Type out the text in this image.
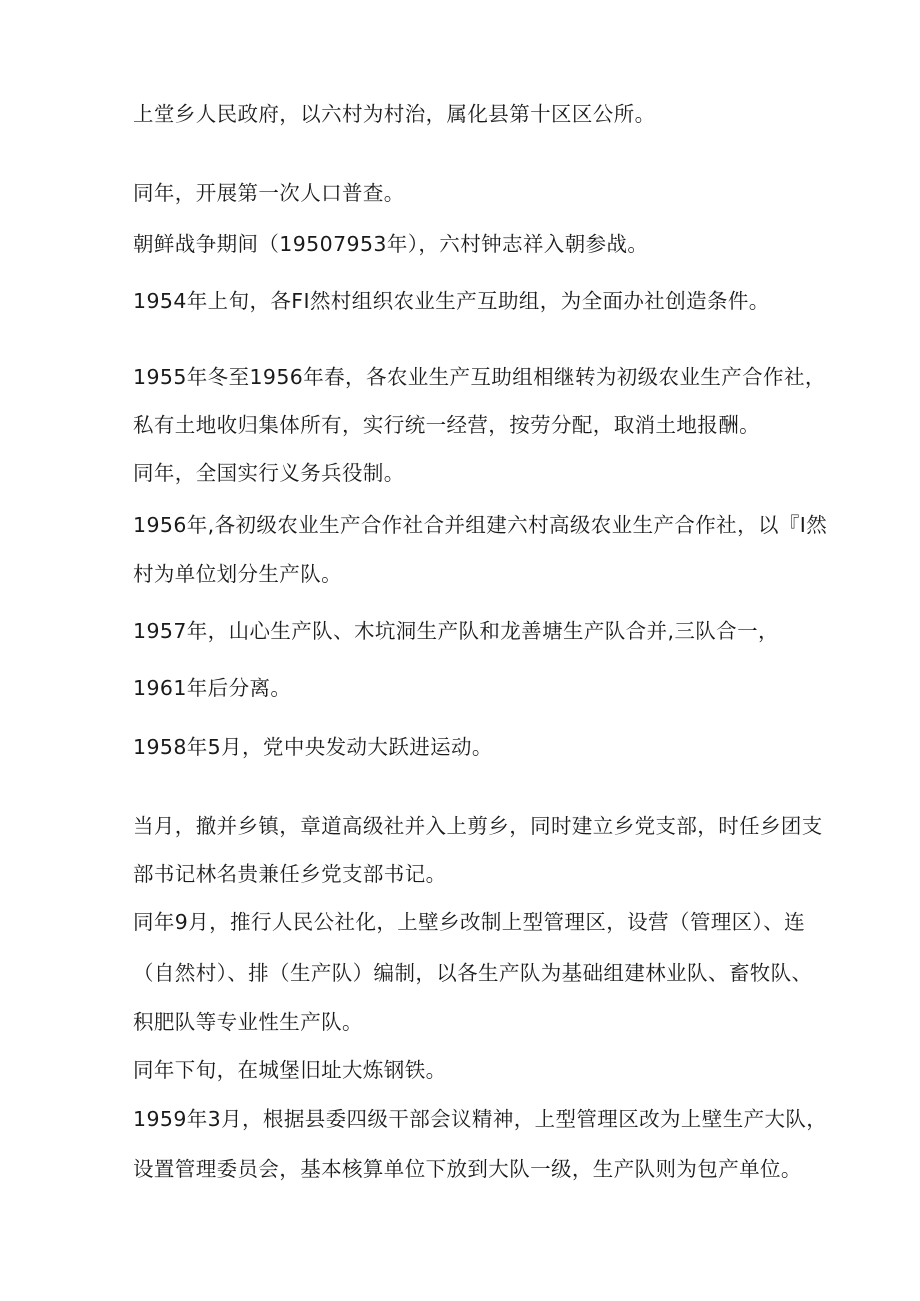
上堂乡人民政府，以六村为村治，属化县第十区区公所。
同年，开展第一次人口普查。
朝鲜战争期间（19507953年），六村钟志祥入朝参战。
1954年上旬，各FI然村组织农业生产互助组，为全面办社创造条件。
1955年冬至1956年春，各农业生产互助组相继转为初级农业生产合作社，
私有土地收归集体所有，实行统一经营，按劳分配，取消土地报酬。
同年，全国实行义务兵役制。
1956年,各初级农业生产合作社合并组建六村高级农业生产合作社，以『I然
村为单位划分生产队。
1957年，山心生产队、木坑洞生产队和龙善塘生产队合并,三队合一，
1961年后分离。
1958年5月，党中央发动大跃进运动。
当月，撤并乡镇，章道高级社并入上剪乡，同时建立乡党支部，时任乡团支
部书记林名贵兼任乡党支部书记。
同年9月，推行人民公社化，上壁乡改制上型管理区，设营（管理区）、连
（自然村）、排（生产队）编制，以各生产队为基础组建林业队、畜牧队、
积肥队等专业性生产队。
同年下旬，在城堡旧址大炼钢铁。
1959年3月，根据县委四级干部会议精神，上型管理区改为上壁生产大队，
设置管理委员会，基本核算单位下放到大队一级，生产队则为包产单位。
